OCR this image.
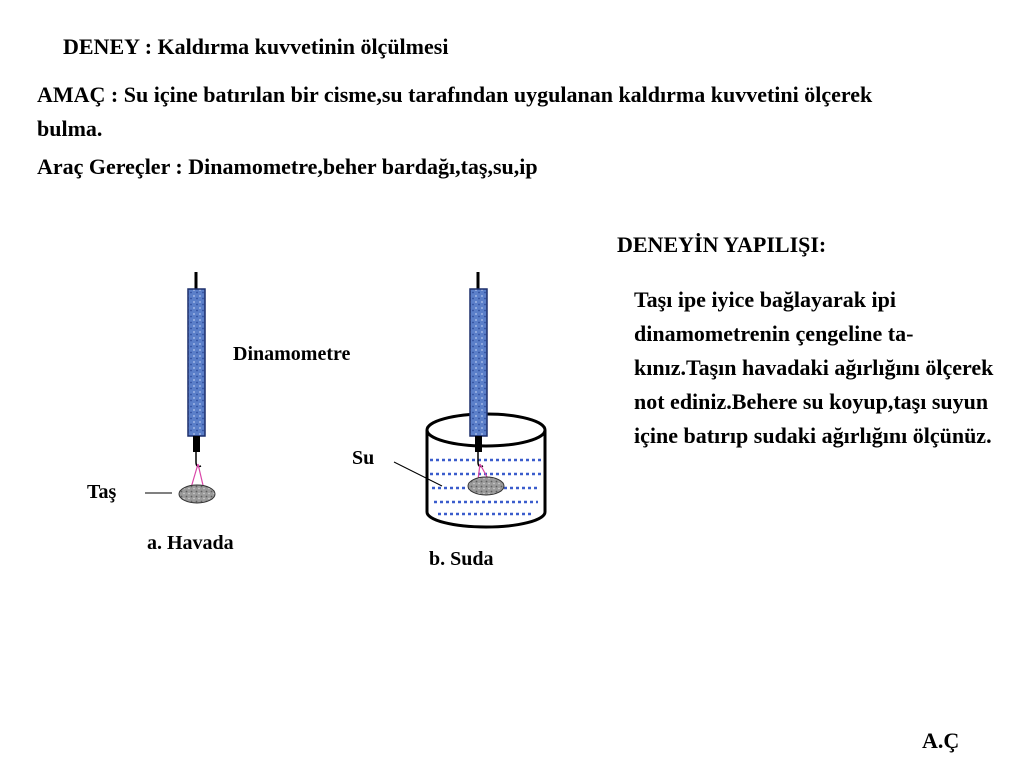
DENEY : Kaldırma kuvvetinin ölçülmesi
AMAÇ : Su içine batırılan bir cisme,su tarafından uygulanan kaldırma kuvvetini ölçerek bulma.
Araç Gereçler : Dinamometre,beher bardağı,taş,su,ip
DENEYİN YAPILIŞI:
Taşı ipe iyice bağlayarak ipi dinamometrenin çengeline ta-kınız.Taşın havadaki ağırlığını ölçerek not ediniz.Behere su koyup,taşı suyun içine batırıp sudaki ağırlığını ölçünüz.
Dinamometre
Taş
Su
a. Havada
b. Suda
A.Ç
